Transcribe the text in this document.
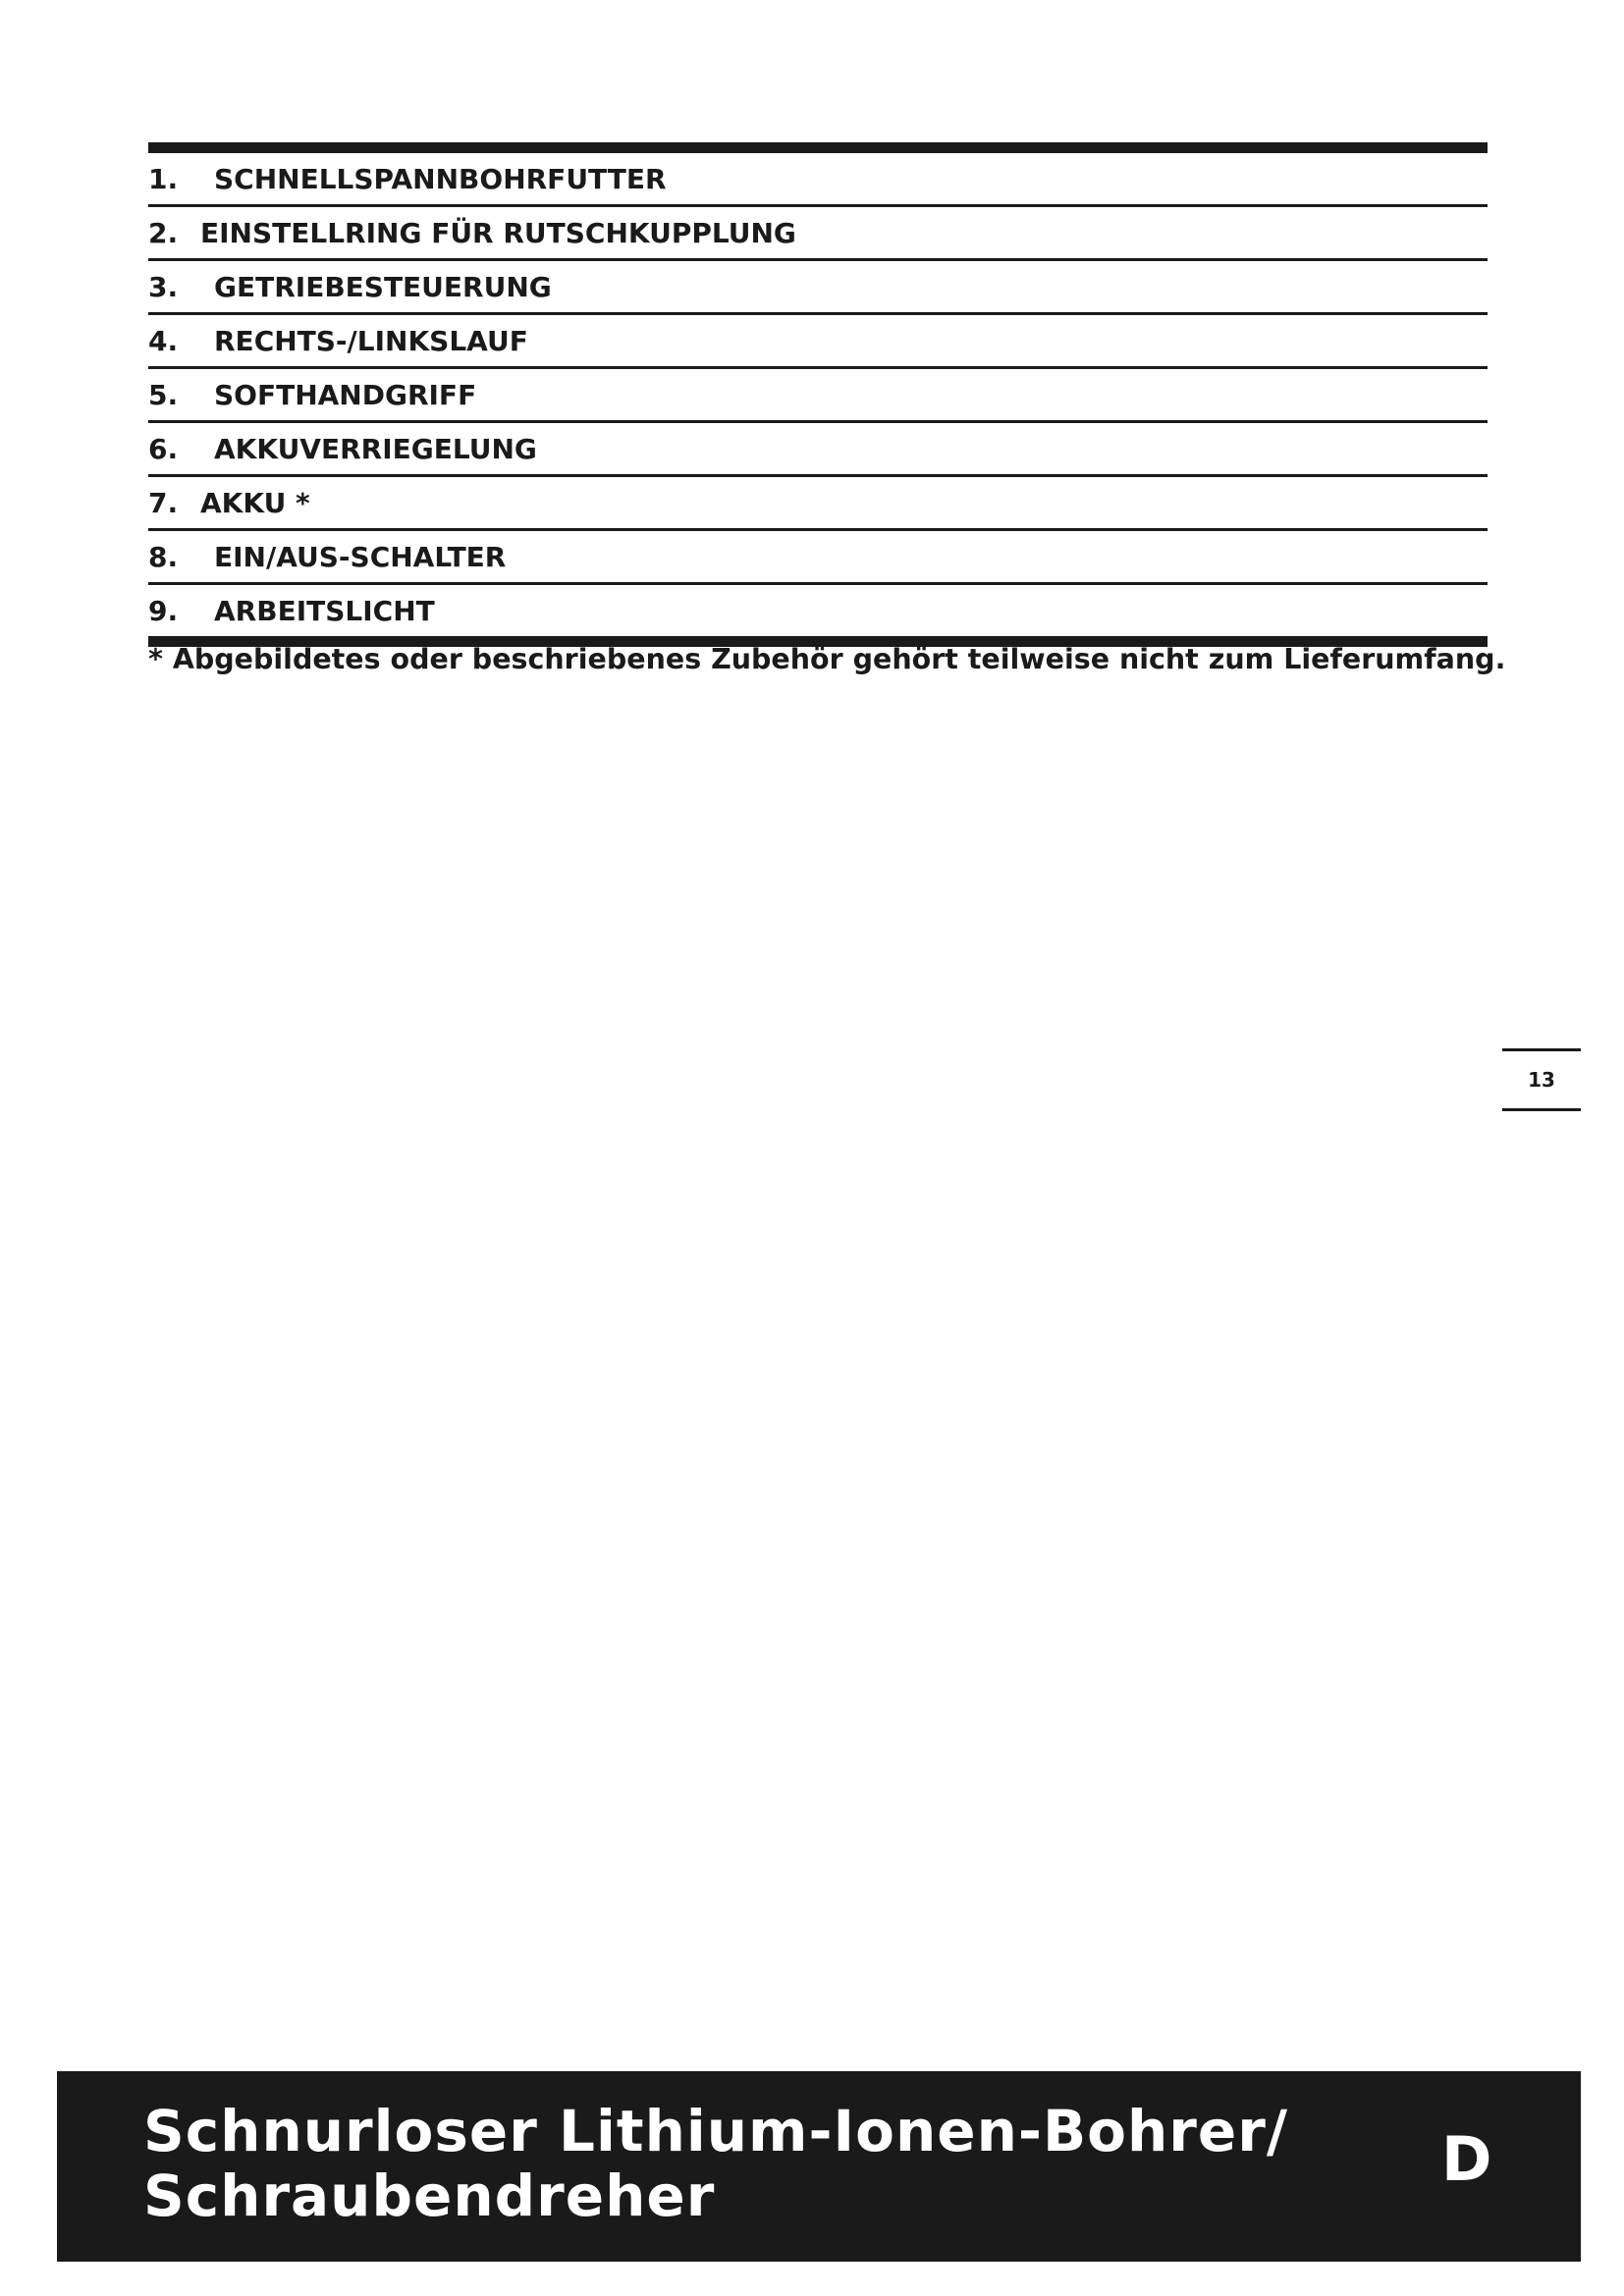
1.	SCHNELLSPANNBOHRFUTTER
2. EINSTELLRING FÜR RUTSCHKUPPLUNG
3.	GETRIEBESTEUERUNG
4.	RECHTS-/LINKSLAUF
5.	SOFTHANDGRIFF
6.	AKKUVERRIEGELUNG
7. AKKU *
8.	EIN/AUS-SCHALTER
9.	ARBEITSLICHT
* Abgebildetes oder beschriebenes Zubehör gehört teilweise nicht zum Lieferumfang.
13
Schnurloser Lithium-Ionen-Bohrer/
Schraubendreher
D
